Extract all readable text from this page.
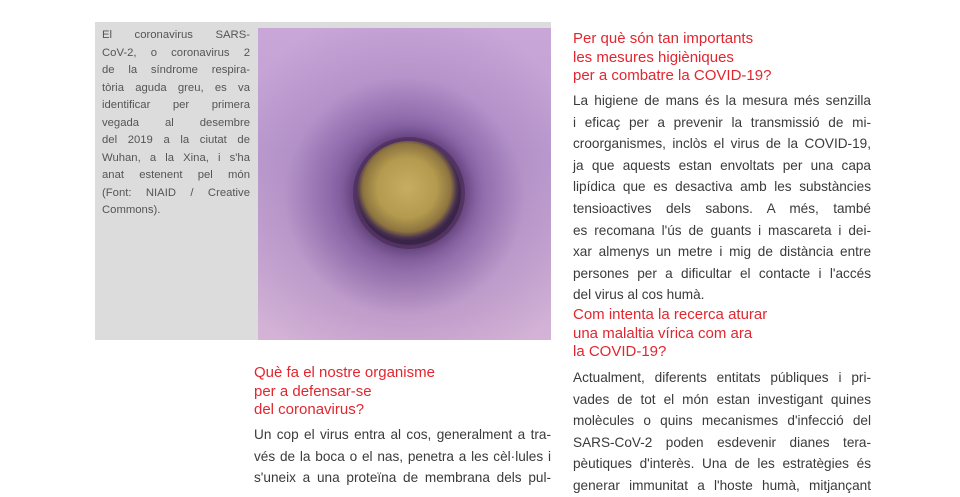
El coronavirus SARS-
CoV-2, o coronavirus 2
de la síndrome respira-
tòria aguda greu, es va
identificar per primera
vegada al desembre
del 2019 a la ciutat de
Wuhan, a la Xina, i s'ha
anat estenent pel món
(Font: NIAID / Creative
Commons).
Per què són tan importants
les mesures higièniques
per a combatre la COVID-19?
La higiene de mans és la mesura més senzilla
i eficaç per a prevenir la transmissió de mi-
croorganismes, inclòs el virus de la COVID-19,
ja que aquests estan envoltats per una capa
lipídica que es desactiva amb les substàncies
tensioactives dels sabons. A més, també
es recomana l'ús de guants i mascareta i dei-
xar almenys un metre i mig de distància entre
persones per a dificultar el contacte i l'accés
del virus al cos humà.
Com intenta la recerca aturar
una malaltia vírica com ara
la COVID-19?
Actualment, diferents entitats públiques i pri-
vades de tot el món estan investigant quines
molècules o quins mecanismes d'infecció del
SARS-CoV-2 poden esdevenir dianes tera-
pèutiques d'interès. Una de les estratègies és
generar immunitat a l'hoste humà, mitjançant
Què fa el nostre organisme
per a defensar-se
del coronavirus?
Un cop el virus entra al cos, generalment a tra-
vés de la boca o el nas, penetra a les cèl·lules i
s'uneix a una proteïna de membrana dels pul-
